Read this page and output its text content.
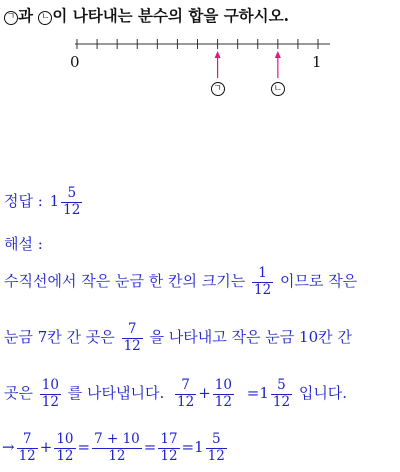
ㄱ 과 ㄴ 이 나타내는 분수의 합을 구하시오.
0	1
ㄱ	ㄴ
정답 : $1 \frac{5}{12}$
해설 :
수직선에서 작은 눈금 한 칸의 크기는 $\frac{1}{12}$ 이므로 작은
눈금 7칸 간 곳은 $\frac{7}{12}$ 을 나타내고 작은 눈금 10칸 간
곳은 $\frac{10}{12}$ 를 나타냅니다. $\frac{7}{12} + \frac{10}{12} =1 \frac{5}{12}$ 입니다.
→ $\frac{7}{12} + \frac{10}{12} = \frac{7 + 10}{12} = \frac{17}{12} =1 \frac{5}{12}$
